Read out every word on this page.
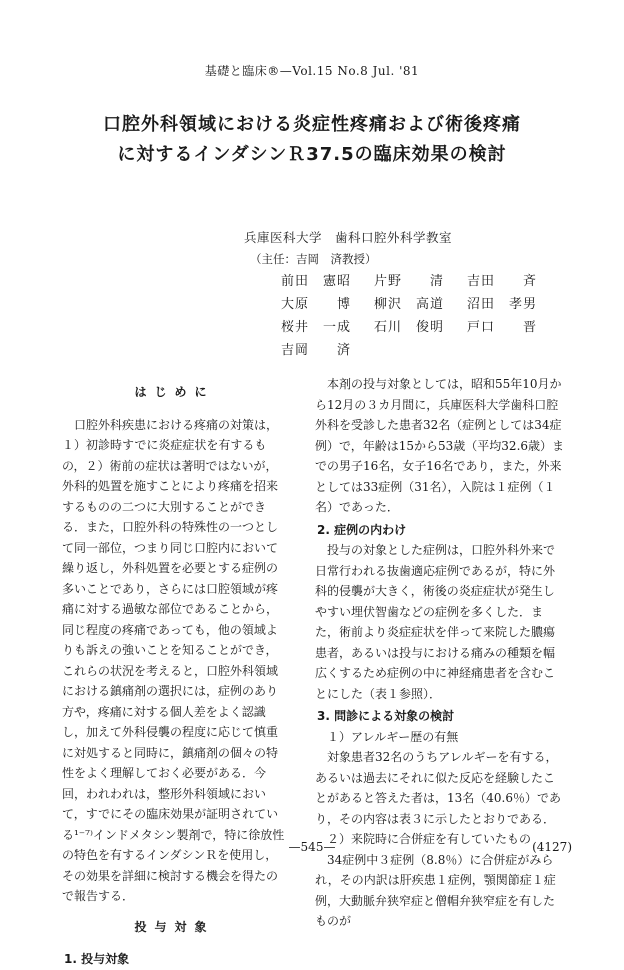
基礎と臨床®—Vol.15 No.8 Jul. '81
口腔外科領域における炎症性疼痛および術後疼痛
に対するインダシンＲ37.5の臨床効果の検討
兵庫医科大学　歯科口腔外科学教室
（主任：吉岡　済教授）
前田　憲昭	片野　　清	吉田　　斉
大原　　博	柳沢　高道	沼田　孝男
桜井　一成	石川　俊明	戸口　　晋
吉岡　　済

はじめに

口腔外科疾患における疼痛の対策は，１）初診時すでに炎症症状を有するもの，２）術前の症状は著明ではないが，外科的処置を施すことにより疼痛を招来するものの二つに大別することができる．また，口腔外科の特殊性の一つとして同一部位，つまり同じ口腔内において繰り返し，外科処置を必要とする症例の多いことであり，さらには口腔領域が疼痛に対する過敏な部位であることから，同じ程度の疼痛であっても，他の領域よりも訴えの強いことを知ることができ，これらの状況を考えると，口腔外科領域における鎮痛剤の選択には，症例のあり方や，疼痛に対する個人差をよく認識し，加えて外科侵襲の程度に応じて慎重に対処すると同時に，鎮痛剤の個々の特性をよく理解しておく必要がある．今回，われわれは，整形外科領域において，すでにその臨床効果が証明されている¹⁻⁷⁾インドメタシン製剤で，特に徐放性の特色を有するインダシンＲを使用し，その効果を詳細に検討する機会を得たので報告する．

投与対象

1. 投与対象

本剤の投与対象としては，昭和55年10月から12月の３カ月間に，兵庫医科大学歯科口腔外科を受診した患者32名（症例としては34症例）で，年齢は15から53歳（平均32.6歳）までの男子16名，女子16名であり，また，外来としては33症例（31名），入院は１症例（１名）であった．

2. 症例の内わけ

投与の対象とした症例は，口腔外科外来で日常行われる抜歯適応症例であるが，特に外科的侵襲が大きく，術後の炎症症状が発生しやすい埋伏智歯などの症例を多くした．また，術前より炎症症状を伴って来院した膿瘍患者，あるいは投与における痛みの種類を幅広くするため症例の中に神経痛患者を含むことにした（表１参照）．

3. 問診による対象の検討

１）アレルギー歴の有無

対象患者32名のうちアレルギーを有する，あるいは過去にそれに似た反応を経験したことがあると答えた者は，13名（40.6％）であり，その内容は表３に示したとおりである．

２）来院時に合併症を有していたもの

34症例中３症例（8.8％）に合併症がみられ，その内訳は肝疾患１症例，顎関節症１症例，大動脈弁狭窄症と僧帽弁狭窄症を有したものが

—545—	(4127)
